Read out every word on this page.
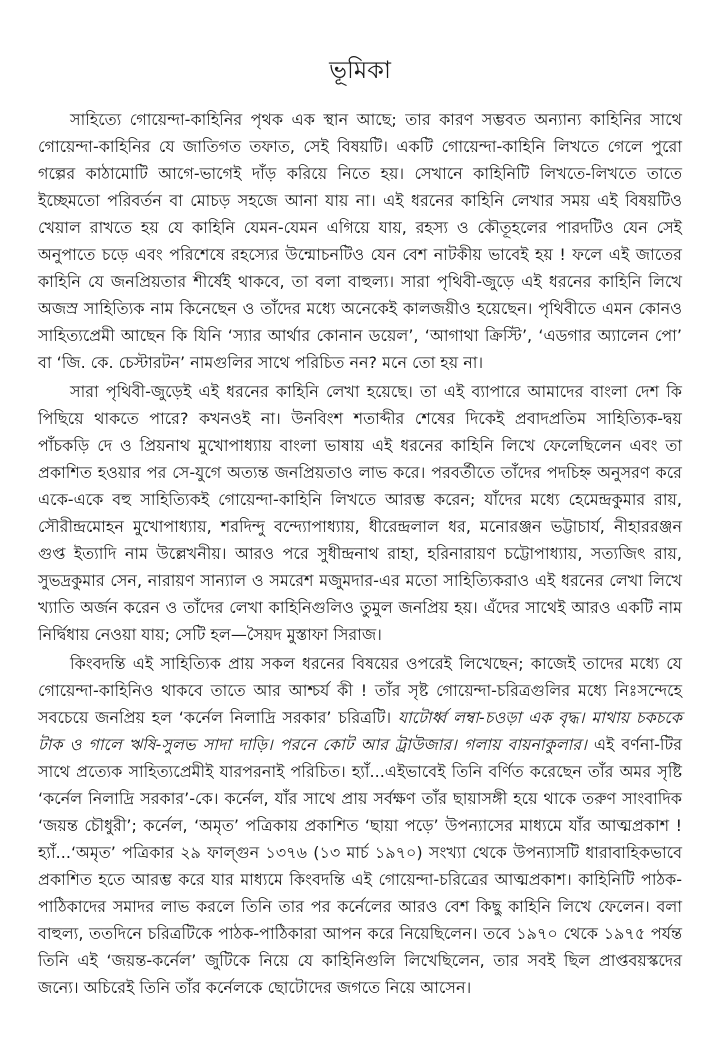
ভূমিকা

সাহিত্যে গোয়েন্দা-কাহিনির পৃথক এক স্থান আছে; তার কারণ সম্ভবত অন্যান্য কাহিনির সাথে গোয়েন্দা-কাহিনির যে জাতিগত তফাত, সেই বিষয়টি। একটি গোয়েন্দা-কাহিনি লিখতে গেলে পুরো গল্পের কাঠামোটি আগে-ভাগেই দাঁড় করিয়ে নিতে হয়। সেখানে কাহিনিটি লিখতে-লিখতে তাতে ইচ্ছেমতো পরিবর্তন বা মোচড় সহজে আনা যায় না। এই ধরনের কাহিনি লেখার সময় এই বিষয়টিও খেয়াল রাখতে হয় যে কাহিনি যেমন-যেমন এগিয়ে যায়, রহস্য ও কৌতূহলের পারদটিও যেন সেই অনুপাতে চড়ে এবং পরিশেষে রহস্যের উন্মোচনটিও যেন বেশ নাটকীয় ভাবেই হয় ! ফলে এই জাতের কাহিনি যে জনপ্রিয়তার শীর্ষেই থাকবে, তা বলা বাহুল্য। সারা পৃথিবী-জুড়ে এই ধরনের কাহিনি লিখে অজস্র সাহিত্যিক নাম কিনেছেন ও তাঁদের মধ্যে অনেকেই কালজয়ীও হয়েছেন। পৃথিবীতে এমন কোনও সাহিত্যপ্রেমী আছেন কি যিনি ‘স্যার আর্থার কোনান ডয়েল’, ‘আগাথা ক্রিস্টি’, ‘এডগার অ্যালেন পো’ বা ‘জি. কে. চেস্টারটন’ নামগুলির সাথে পরিচিত নন? মনে তো হয় না।

সারা পৃথিবী-জুড়েই এই ধরনের কাহিনি লেখা হয়েছে। তা এই ব্যাপারে আমাদের বাংলা দেশ কি পিছিয়ে থাকতে পারে? কখনওই না। উনবিংশ শতাব্দীর শেষের দিকেই প্রবাদপ্রতিম সাহিত্যিক-দ্বয় পাঁচকড়ি দে ও প্রিয়নাথ মুখোপাধ্যায় বাংলা ভাষায় এই ধরনের কাহিনি লিখে ফেলেছিলেন এবং তা প্রকাশিত হওয়ার পর সে-যুগে অত্যন্ত জনপ্রিয়তাও লাভ করে। পরবর্তীতে তাঁদের পদচিহ্ন অনুসরণ করে একে-একে বহু সাহিত্যিকই গোয়েন্দা-কাহিনি লিখতে আরম্ভ করেন; যাঁদের মধ্যে হেমেন্দ্রকুমার রায়, সৌরীন্দ্রমোহন মুখোপাধ্যায়, শরদিন্দু বন্দ্যোপাধ্যায়, ধীরেন্দ্রলাল ধর, মনোরঞ্জন ভট্টাচার্য, নীহাররঞ্জন গুপ্ত ইত্যাদি নাম উল্লেখনীয়। আরও পরে সুধীন্দ্রনাথ রাহা, হরিনারায়ণ চট্টোপাধ্যায়, সত্যজিৎ রায়, সুভদ্রকুমার সেন, নারায়ণ সান্যাল ও সমরেশ মজুমদার-এর মতো সাহিত্যিকরাও এই ধরনের লেখা লিখে খ্যাতি অর্জন করেন ও তাঁদের লেখা কাহিনিগুলিও তুমুল জনপ্রিয় হয়। এঁদের সাথেই আরও একটি নাম নির্দ্বিধায় নেওয়া যায়; সেটি হল—সৈয়দ মুস্তাফা সিরাজ।

কিংবদন্তি এই সাহিত্যিক প্রায় সকল ধরনের বিষয়ের ওপরেই লিখেছেন; কাজেই তাদের মধ্যে যে গোয়েন্দা-কাহিনিও থাকবে তাতে আর আশ্চর্য কী ! তাঁর সৃষ্ট গোয়েন্দা-চরিত্রগুলির মধ্যে নিঃসন্দেহে সবচেয়ে জনপ্রিয় হল ‘কর্নেল নিলাদ্রি সরকার’ চরিত্রটি। যাটোর্ধ্ব লম্বা-চওড়া এক বৃদ্ধ। মাথায় চকচকে টাক ও গালে ঋষি-সুলভ সাদা দাড়ি। পরনে কোট আর ট্রাউজার। গলায় বায়নাকুলার। এই বর্ণনা-টির সাথে প্রত্যেক সাহিত্যপ্রেমীই যারপরনাই পরিচিত। হ্যাঁ...এইভাবেই তিনি বর্ণিত করেছেন তাঁর অমর সৃষ্টি ‘কর্নেল নিলাদ্রি সরকার’-কে। কর্নেল, যাঁর সাথে প্রায় সর্বক্ষণ তাঁর ছায়াসঙ্গী হয়ে থাকে তরুণ সাংবাদিক ‘জয়ন্ত চৌধুরী’; কর্নেল, ‘অমৃত’ পত্রিকায় প্রকাশিত ‘ছায়া পড়ে’ উপন্যাসের মাধ্যমে যাঁর আত্মপ্রকাশ ! হ্যাঁ...‘অমৃত’ পত্রিকার ২৯ ফাল্গুন ১৩৭৬ (১৩ মার্চ ১৯৭০) সংখ্যা থেকে উপন্যাসটি ধারাবাহিকভাবে প্রকাশিত হতে আরম্ভ করে যার মাধ্যমে কিংবদন্তি এই গোয়েন্দা-চরিত্রের আত্মপ্রকাশ। কাহিনিটি পাঠক-পাঠিকাদের সমাদর লাভ করলে তিনি তার পর কর্নেলের আরও বেশ কিছু কাহিনি লিখে ফেলেন। বলা বাহুল্য, ততদিনে চরিত্রটিকে পাঠক-পাঠিকারা আপন করে নিয়েছিলেন। তবে ১৯৭০ থেকে ১৯৭৫ পর্যন্ত তিনি এই ‘জয়ন্ত-কর্নেল’ জুটিকে নিয়ে যে কাহিনিগুলি লিখেছিলেন, তার সবই ছিল প্রাপ্তবয়স্কদের জন্যে। অচিরেই তিনি তাঁর কর্নেলকে ছোটোদের জগতে নিয়ে আসেন।
